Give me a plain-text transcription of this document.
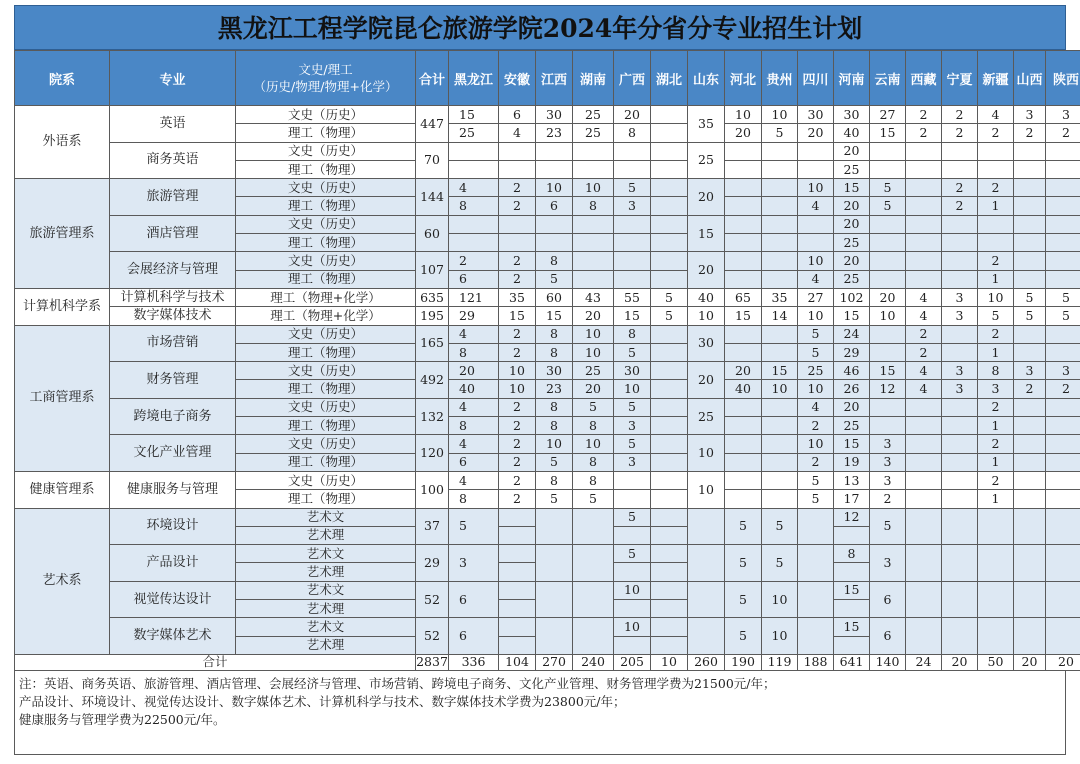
黑龙江工程学院昆仑旅游学院2024年分省分专业招生计划
院系	专业	文史/理工
（历史/物理/物理+化学）	合计	黑龙江	安徽	江西	湖南	广西	湖北	山东	河北	贵州	四川	河南	云南	西藏	宁夏	新疆	山西	陕西
外语系	英语	文史（历史）	447	15	6	30	25	20		35	10	10	30	30	27	2	2	4	3	3
		理工（物理）		25	4	23	25	8			20	5	20	40	15	2	2	2	2	2
	商务英语	文史（历史）	70							25				20						
		理工（物理）												25						
旅游管理系	旅游管理	文史（历史）	144	4	2	10	10	5		20			10	15	5		2	2		
		理工（物理）		8	2	6	8	3					4	20	5		2	1		
	酒店管理	文史（历史）	60							15				20						
		理工（物理）												25						
	会展经济与管理	文史（历史）	107	2	2	8				20			10	20				2		
		理工（物理）		6	2	5							4	25				1		
计算机科学系	计算机科学与技术	理工（物理+化学）	635	121	35	60	43	55	5	40	65	35	27	102	20	4	3	10	5	5
	数字媒体技术	理工（物理+化学）	195	29	15	15	20	15	5	10	15	14	10	15	10	4	3	5	5	5
工商管理系	市场营销	文史（历史）	165	4	2	8	10	8		30			5	24		2		2		
		理工（物理）		8	2	8	10	5					5	29		2		1		
	财务管理	文史（历史）	492	20	10	30	25	30		20	20	15	25	46	15	4	3	8	3	3
		理工（物理）		40	10	23	20	10			40	10	10	26	12	4	3	3	2	2
	跨境电子商务	文史（历史）	132	4	2	8	5	5		25			4	20				2		
		理工（物理）		8	2	8	8	3					2	25				1		
	文化产业管理	文史（历史）	120	4	2	10	10	5		10			10	15	3			2		
		理工（物理）		6	2	5	8	3					2	19	3			1		
健康管理系	健康服务与管理	文史（历史）	100	4	2	8	8			10			5	13	3			2		
		理工（物理）		8	2	5	5						5	17	2			1		
艺术系	环境设计	艺术文	37	5				5			5	5		12	5					
		艺术理																		
	产品设计	艺术文	29	3				5			5	5		8	3					
		艺术理																		
	视觉传达设计	艺术文	52	6				10			5	10		15	6					
		艺术理																		
	数字媒体艺术	艺术文	52	6				10			5	10		15	6					
		艺术理																		
合计			2837	336	104	270	240	205	10	260	190	119	188	641	140	24	20	50	20	20
注：英语、商务英语、旅游管理、酒店管理、会展经济与管理、市场营销、跨境电子商务、文化产业管理、财务管理学费为21500元/年；
产品设计、环境设计、视觉传达设计、数字媒体艺术、计算机科学与技术、数字媒体技术学费为23800元/年；
健康服务与管理学费为22500元/年。
